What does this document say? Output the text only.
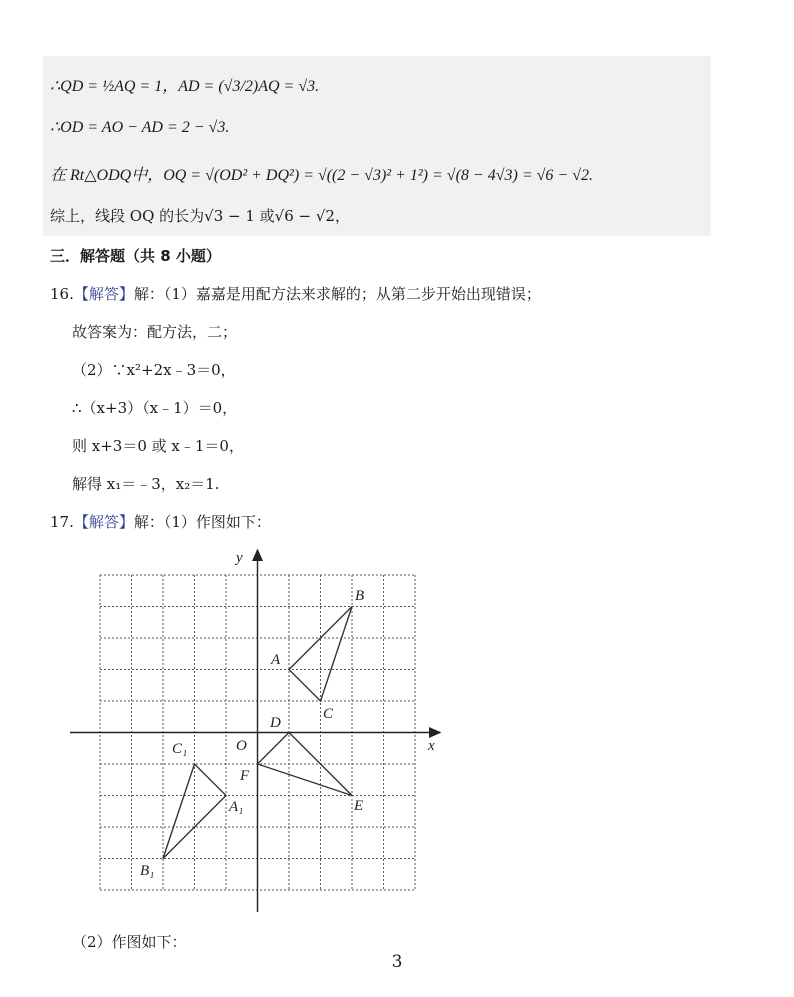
∴QD = ½AQ = 1，AD = (√3/2)AQ = √3.
∴OD = AO − AD = 2 − √3.
在 Rt△ODQ中，OQ = √(OD² + DQ²) = √((2 − √3)² + 1²) = √(8 − 4√3) = √6 − √2.
综上，线段 OQ 的长为√3 − 1 或√6 − √2，
三．解答题（共 8 小题）
16.【解答】解：（1）嘉嘉是用配方法来求解的；从第二步开始出现错误；
故答案为：配方法，二；
（2）∵x²+2x﹣3＝0，
∴（x+3）（x﹣1）＝0，
则 x+3＝0 或 x﹣1＝0，
解得 x₁＝﹣3，x₂＝1.
17.【解答】解：（1）作图如下：
y
x
O
A
B
C
D
E
F
A₁
B₁
C₁
（2）作图如下：
3
